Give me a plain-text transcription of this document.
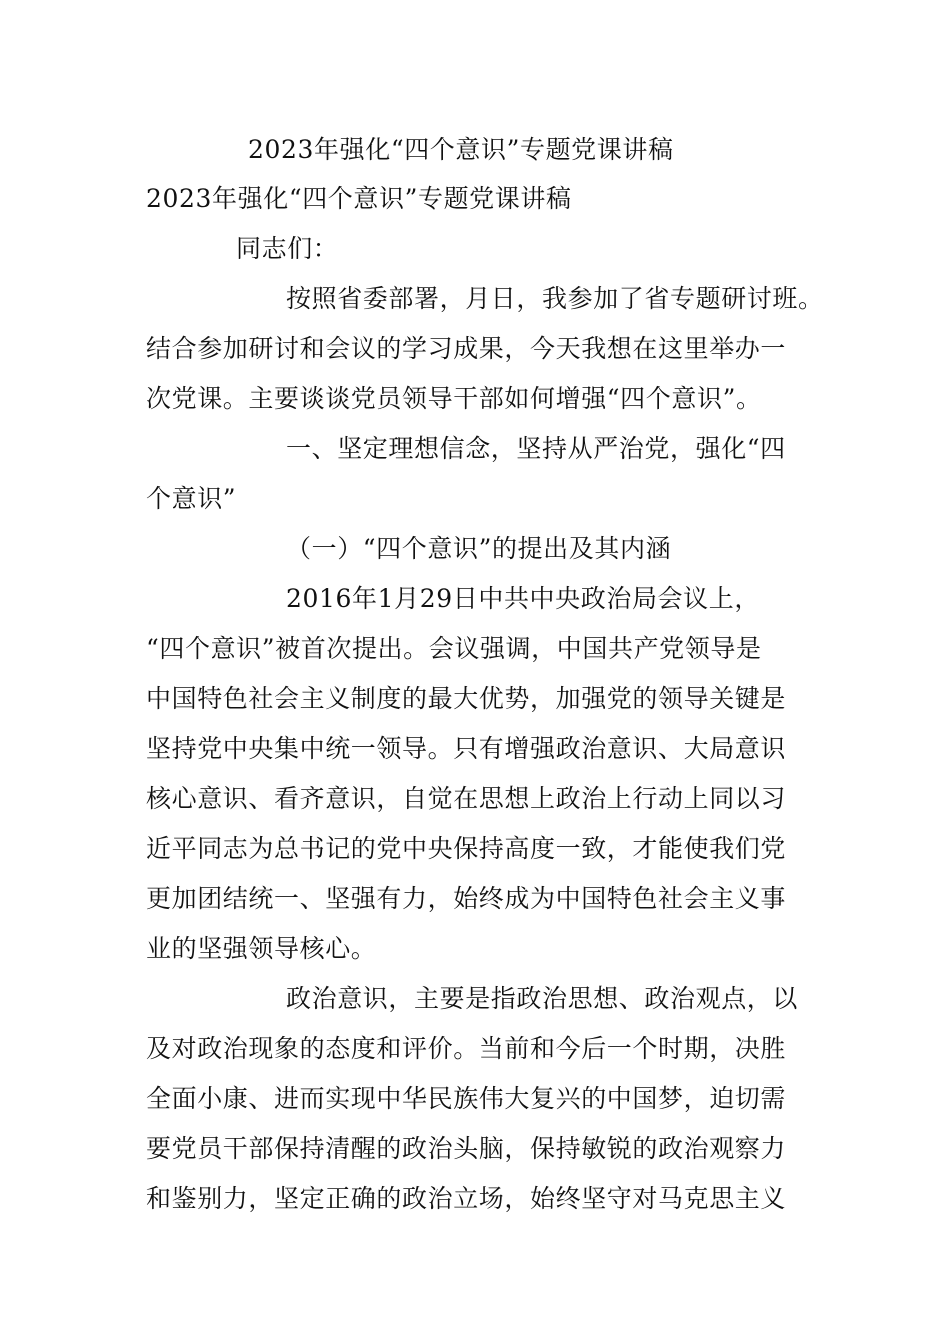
2023年强化“四个意识”专题党课讲稿
2023年强化“四个意识”专题党课讲稿
同志们：
按照省委部署，月日，我参加了省专题研讨班。
结合参加研讨和会议的学习成果，今天我想在这里举办一
次党课。主要谈谈党员领导干部如何增强“四个意识”。
一、坚定理想信念，坚持从严治党，强化“四
个意识”
（一）“四个意识”的提出及其内涵
2016年1月29日中共中央政治局会议上，
“四个意识”被首次提出。会议强调，中国共产党领导是
中国特色社会主义制度的最大优势，加强党的领导关键是
坚持党中央集中统一领导。只有增强政治意识、大局意识
核心意识、看齐意识，自觉在思想上政治上行动上同以习
近平同志为总书记的党中央保持高度一致，才能使我们党
更加团结统一、坚强有力，始终成为中国特色社会主义事
业的坚强领导核心。
政治意识，主要是指政治思想、政治观点，以
及对政治现象的态度和评价。当前和今后一个时期，决胜
全面小康、进而实现中华民族伟大复兴的中国梦，迫切需
要党员干部保持清醒的政治头脑，保持敏锐的政治观察力
和鉴别力，坚定正确的政治立场，始终坚守对马克思主义
